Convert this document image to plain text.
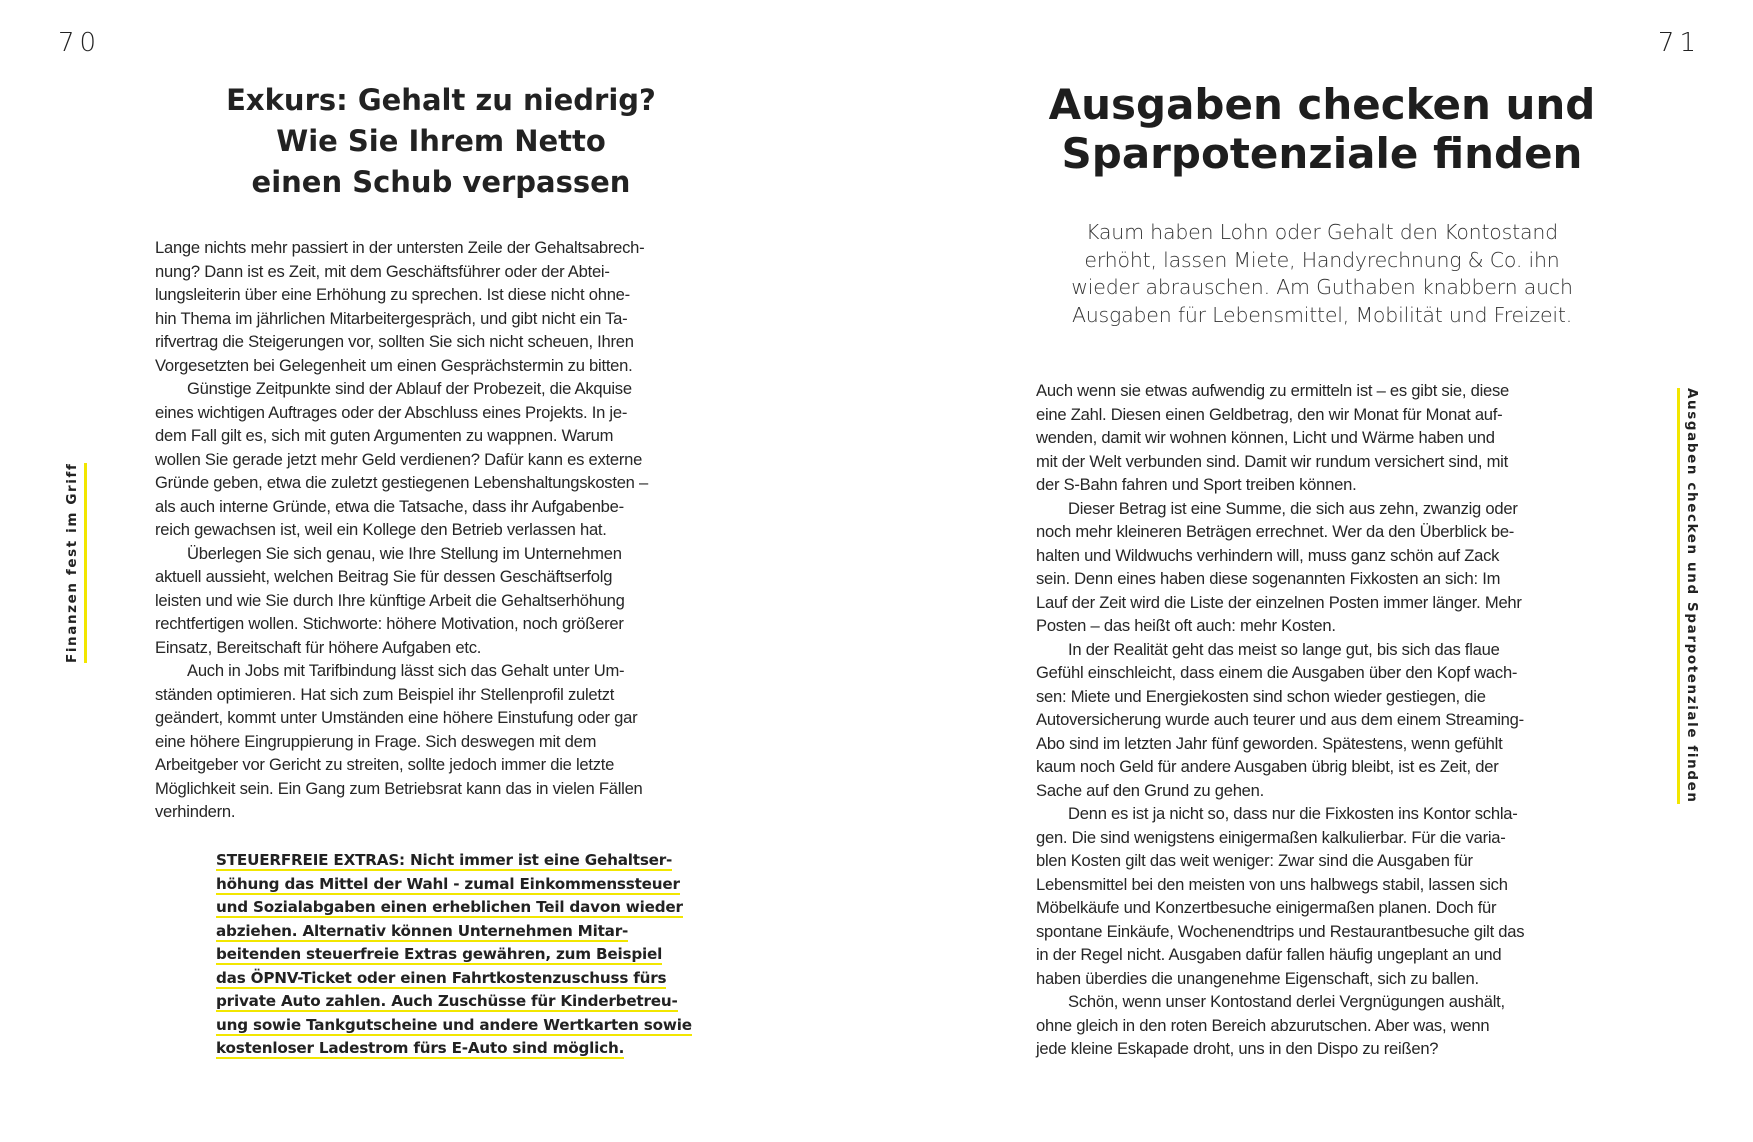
70
Finanzen fest im Griff
Exkurs: Gehalt zu niedrig?
Wie Sie Ihrem Netto
einen Schub verpassen
Lange nichts mehr passiert in der untersten Zeile der Gehaltsabrech-
nung? Dann ist es Zeit, mit dem Geschäftsführer oder der Abtei-
lungsleiterin über eine Erhöhung zu sprechen. Ist diese nicht ohne-
hin Thema im jährlichen Mitarbeitergespräch, und gibt nicht ein Ta-
rifvertrag die Steigerungen vor, sollten Sie sich nicht scheuen, Ihren
Vorgesetzten bei Gelegenheit um einen Gesprächstermin zu bitten.
Günstige Zeitpunkte sind der Ablauf der Probezeit, die Akquise
eines wichtigen Auftrages oder der Abschluss eines Projekts. In je-
dem Fall gilt es, sich mit guten Argumenten zu wappnen. Warum
wollen Sie gerade jetzt mehr Geld verdienen? Dafür kann es externe
Gründe geben, etwa die zuletzt gestiegenen Lebenshaltungskosten –
als auch interne Gründe, etwa die Tatsache, dass ihr Aufgabenbe-
reich gewachsen ist, weil ein Kollege den Betrieb verlassen hat.
Überlegen Sie sich genau, wie Ihre Stellung im Unternehmen
aktuell aussieht, welchen Beitrag Sie für dessen Geschäftserfolg
leisten und wie Sie durch Ihre künftige Arbeit die Gehaltserhöhung
rechtfertigen wollen. Stichworte: höhere Motivation, noch größerer
Einsatz, Bereitschaft für höhere Aufgaben etc.
Auch in Jobs mit Tarifbindung lässt sich das Gehalt unter Um-
ständen optimieren. Hat sich zum Beispiel ihr Stellenprofil zuletzt
geändert, kommt unter Umständen eine höhere Einstufung oder gar
eine höhere Eingruppierung in Frage. Sich deswegen mit dem
Arbeitgeber vor Gericht zu streiten, sollte jedoch immer die letzte
Möglichkeit sein. Ein Gang zum Betriebsrat kann das in vielen Fällen
verhindern.
STEUERFREIE EXTRAS: Nicht immer ist eine Gehaltser-
höhung das Mittel der Wahl - zumal Einkommenssteuer
und Sozialabgaben einen erheblichen Teil davon wieder
abziehen. Alternativ können Unternehmen Mitar-
beitenden steuerfreie Extras gewähren, zum Beispiel
das ÖPNV-Ticket oder einen Fahrtkostenzuschuss fürs
private Auto zahlen. Auch Zuschüsse für Kinderbetreu-
ung sowie Tankgutscheine und andere Wertkarten sowie
kostenloser Ladestrom fürs E-Auto sind möglich.
71
Ausgaben checken und Sparpotenziale finden
Ausgaben checken und
Sparpotenziale finden
Kaum haben Lohn oder Gehalt den Kontostand
erhöht, lassen Miete, Handyrechnung & Co. ihn
wieder abrauschen. Am Guthaben knabbern auch
Ausgaben für Lebensmittel, Mobilität und Freizeit.
Auch wenn sie etwas aufwendig zu ermitteln ist – es gibt sie, diese
eine Zahl. Diesen einen Geldbetrag, den wir Monat für Monat auf-
wenden, damit wir wohnen können, Licht und Wärme haben und
mit der Welt verbunden sind. Damit wir rundum versichert sind, mit
der S-Bahn fahren und Sport treiben können.
Dieser Betrag ist eine Summe, die sich aus zehn, zwanzig oder
noch mehr kleineren Beträgen errechnet. Wer da den Überblick be-
halten und Wildwuchs verhindern will, muss ganz schön auf Zack
sein. Denn eines haben diese sogenannten Fixkosten an sich: Im
Lauf der Zeit wird die Liste der einzelnen Posten immer länger. Mehr
Posten – das heißt oft auch: mehr Kosten.
In der Realität geht das meist so lange gut, bis sich das flaue
Gefühl einschleicht, dass einem die Ausgaben über den Kopf wach-
sen: Miete und Energiekosten sind schon wieder gestiegen, die
Autoversicherung wurde auch teurer und aus dem einem Streaming-
Abo sind im letzten Jahr fünf geworden. Spätestens, wenn gefühlt
kaum noch Geld für andere Ausgaben übrig bleibt, ist es Zeit, der
Sache auf den Grund zu gehen.
Denn es ist ja nicht so, dass nur die Fixkosten ins Kontor schla-
gen. Die sind wenigstens einigermaßen kalkulierbar. Für die varia-
blen Kosten gilt das weit weniger: Zwar sind die Ausgaben für
Lebensmittel bei den meisten von uns halbwegs stabil, lassen sich
Möbelkäufe und Konzertbesuche einigermaßen planen. Doch für
spontane Einkäufe, Wochenendtrips und Restaurantbesuche gilt das
in der Regel nicht. Ausgaben dafür fallen häufig ungeplant an und
haben überdies die unangenehme Eigenschaft, sich zu ballen.
Schön, wenn unser Kontostand derlei Vergnügungen aushält,
ohne gleich in den roten Bereich abzurutschen. Aber was, wenn
jede kleine Eskapade droht, uns in den Dispo zu reißen?
